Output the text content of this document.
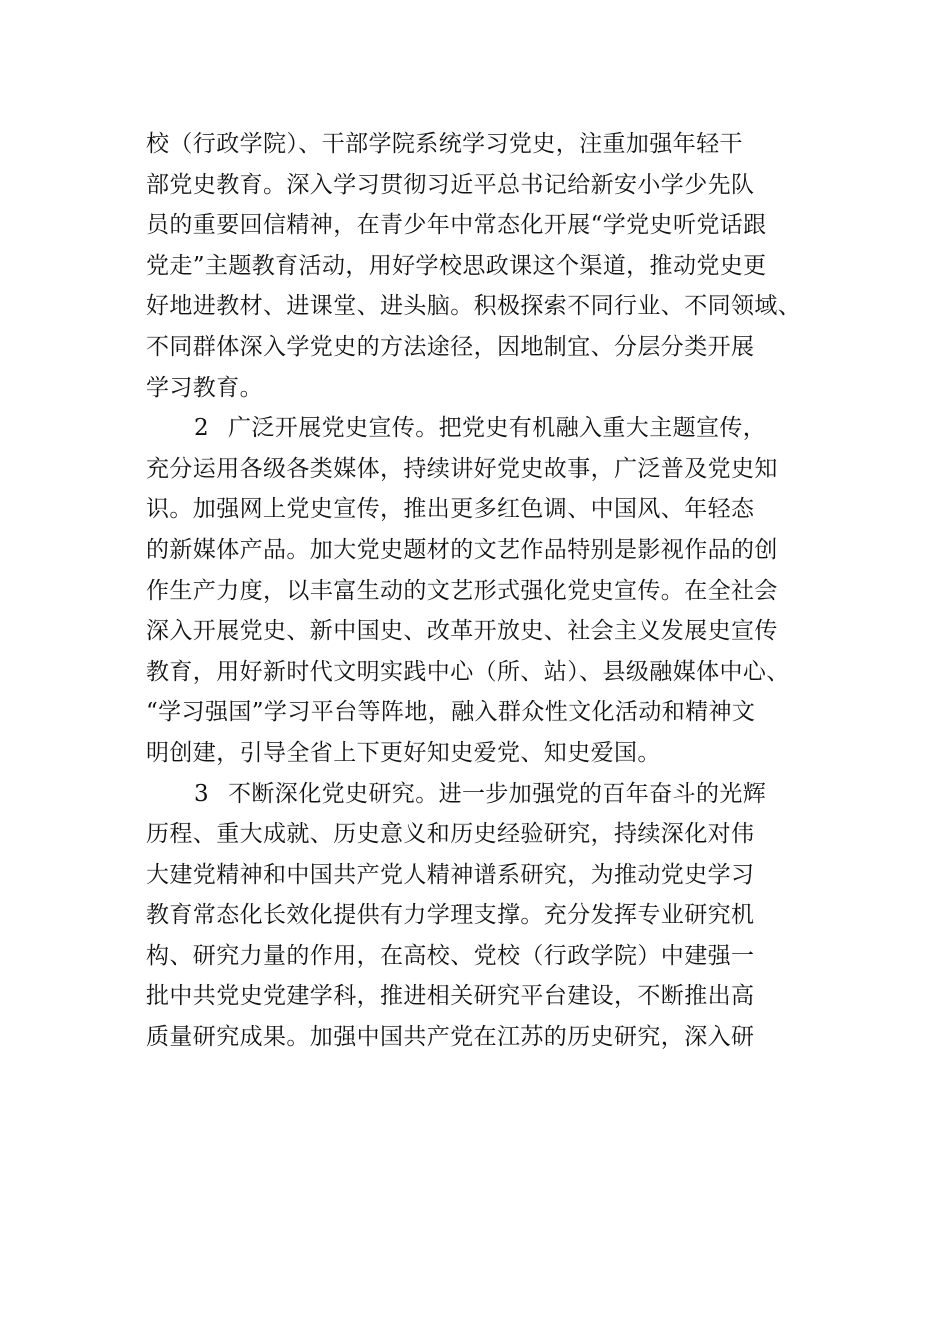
校（行政学院）、干部学院系统学习党史，注重加强年轻干
部党史教育。深入学习贯彻习近平总书记给新安小学少先队
员的重要回信精神，在青少年中常态化开展“学党史听党话跟
党走”主题教育活动，用好学校思政课这个渠道，推动党史更
好地进教材、进课堂、进头脑。积极探索不同行业、不同领域、
不同群体深入学党史的方法途径，因地制宜、分层分类开展
学习教育。
2 广泛开展党史宣传。把党史有机融入重大主题宣传，
充分运用各级各类媒体，持续讲好党史故事，广泛普及党史知
识。加强网上党史宣传，推出更多红色调、中国风、年轻态
的新媒体产品。加大党史题材的文艺作品特别是影视作品的创
作生产力度，以丰富生动的文艺形式强化党史宣传。在全社会
深入开展党史、新中国史、改革开放史、社会主义发展史宣传
教育，用好新时代文明实践中心（所、站）、县级融媒体中心、
“学习强国”学习平台等阵地，融入群众性文化活动和精神文
明创建，引导全省上下更好知史爱党、知史爱国。
3 不断深化党史研究。进一步加强党的百年奋斗的光辉
历程、重大成就、历史意义和历史经验研究，持续深化对伟
大建党精神和中国共产党人精神谱系研究，为推动党史学习
教育常态化长效化提供有力学理支撑。充分发挥专业研究机
构、研究力量的作用，在高校、党校（行政学院）中建强一
批中共党史党建学科，推进相关研究平台建设，不断推出高
质量研究成果。加强中国共产党在江苏的历史研究，深入研
